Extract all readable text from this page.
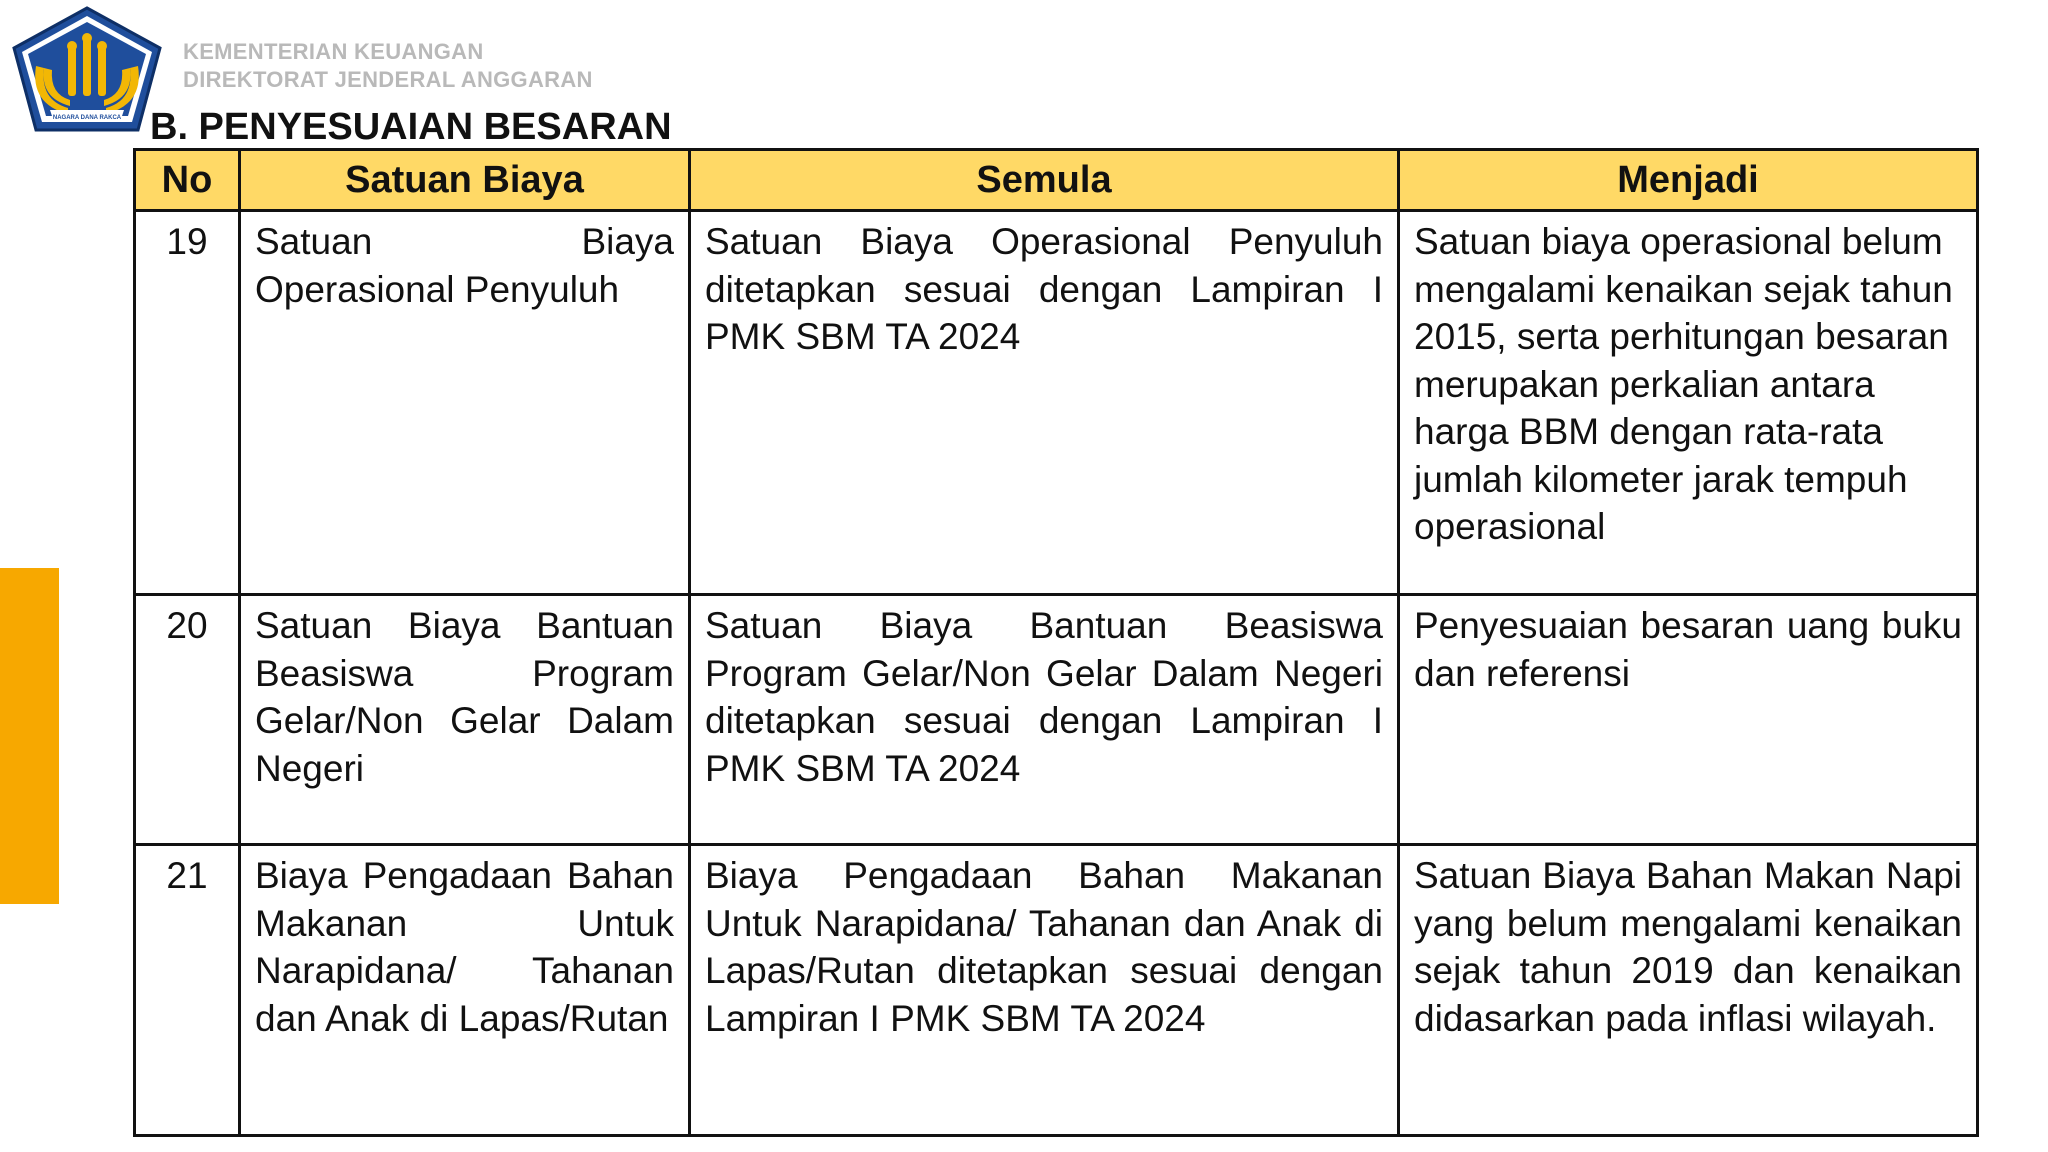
NAGARA DANA RAKCA
KEMENTERIAN KEUANGAN
DIREKTORAT JENDERAL ANGGARAN
B. PENYESUAIAN BESARAN
No	Satuan Biaya	Semula	Menjadi
19	Satuan Biaya Operasional Penyuluh	Satuan Biaya Operasional Penyuluh ditetapkan sesuai dengan Lampiran I PMK SBM TA 2024	Satuan biaya operasional belum mengalami kenaikan sejak tahun 2015, serta perhitungan besaran merupakan perkalian antara harga BBM dengan rata-rata jumlah kilometer jarak tempuh operasional
20	Satuan Biaya Bantuan Beasiswa Program Gelar/Non Gelar Dalam Negeri	Satuan Biaya Bantuan Beasiswa Program Gelar/Non Gelar Dalam Negeri ditetapkan sesuai dengan Lampiran I PMK SBM TA 2024	Penyesuaian besaran uang buku dan referensi
21	Biaya Pengadaan Bahan Makanan Untuk Narapidana/ Tahanan dan Anak di Lapas/Rutan	Biaya Pengadaan Bahan Makanan Untuk Narapidana/ Tahanan dan Anak di Lapas/Rutan ditetapkan sesuai dengan Lampiran I PMK SBM TA 2024	Satuan Biaya Bahan Makan Napi yang belum mengalami kenaikan sejak tahun 2019 dan kenaikan didasarkan pada inflasi wilayah.
